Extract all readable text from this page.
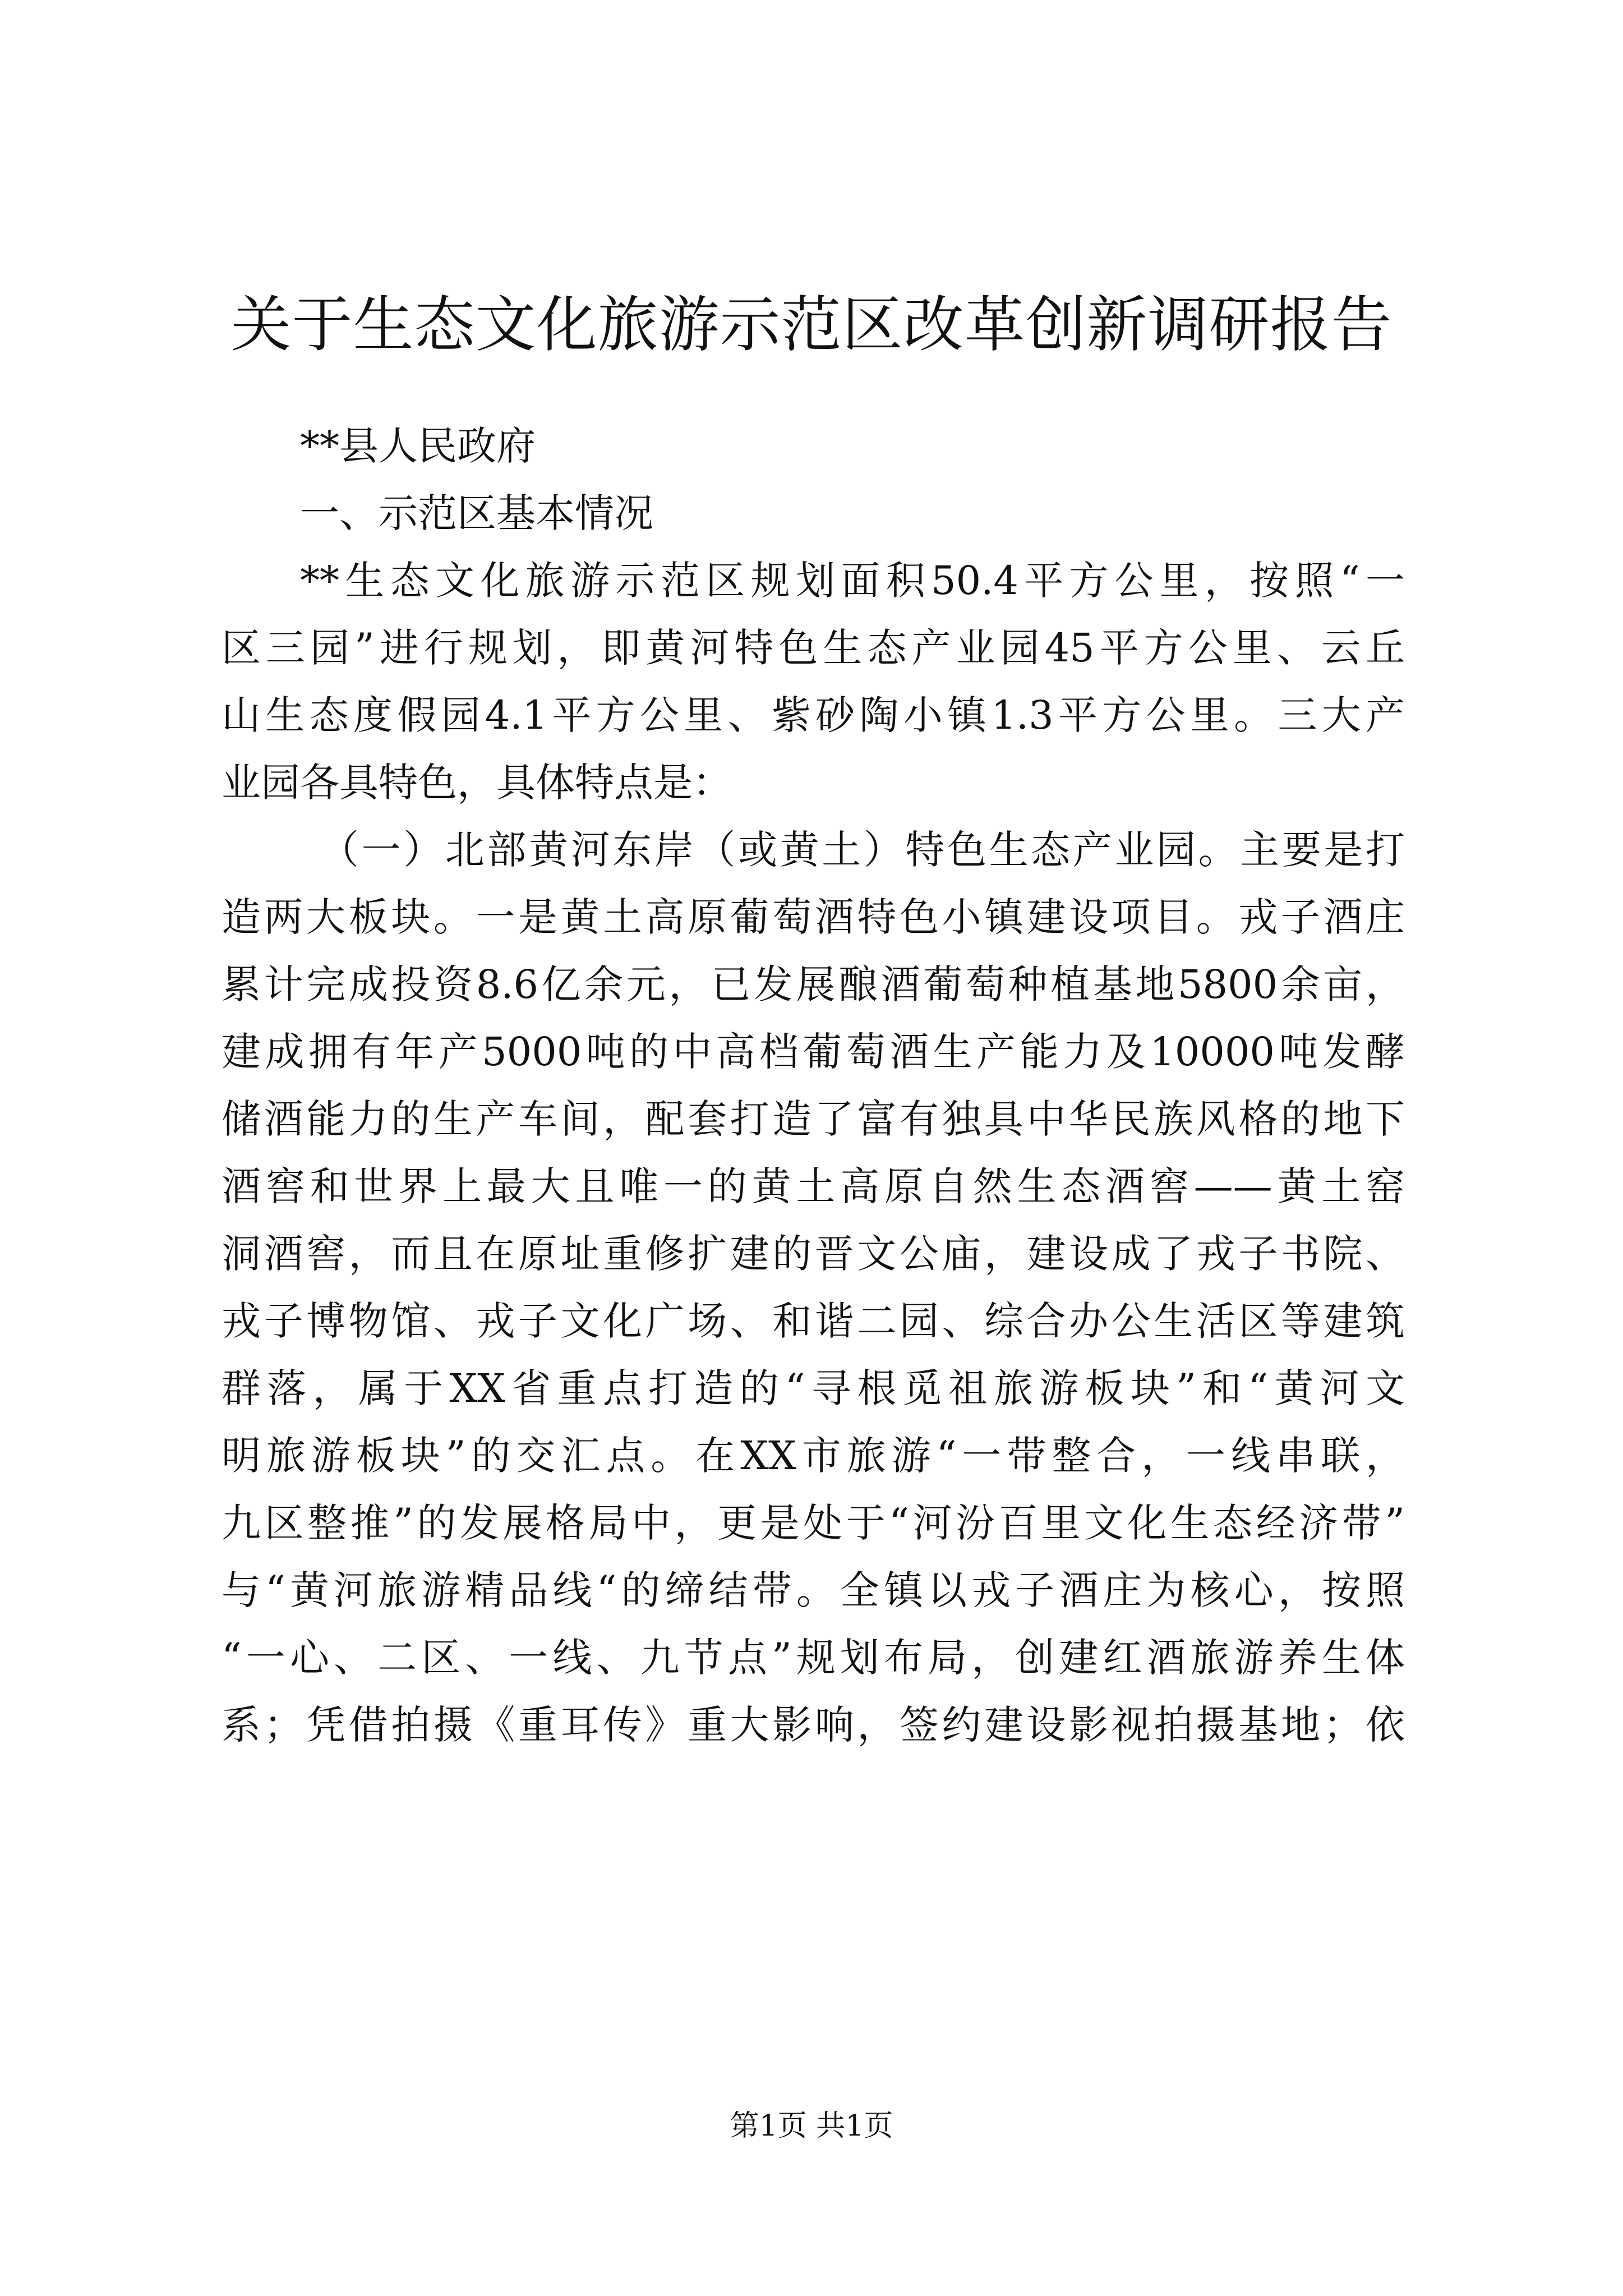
关于生态文化旅游示范区改革创新调研报告
**县人民政府
一、示范区基本情况
**生态文化旅游示范区规划面积50.4平方公里，按照“一
区三园”进行规划，即黄河特色生态产业园45平方公里、云丘
山生态度假园4.1平方公里、紫砂陶小镇1.3平方公里。三大产
业园各具特色，具体特点是：
（一）北部黄河东岸（或黄土）特色生态产业园。主要是打
造两大板块。一是黄土高原葡萄酒特色小镇建设项目。戎子酒庄
累计完成投资8.6亿余元，已发展酿酒葡萄种植基地5800余亩，
建成拥有年产5000吨的中高档葡萄酒生产能力及10000吨发酵
储酒能力的生产车间，配套打造了富有独具中华民族风格的地下
酒窖和世界上最大且唯一的黄土高原自然生态酒窖——黄土窑
洞酒窖，而且在原址重修扩建的晋文公庙，建设成了戎子书院、
戎子博物馆、戎子文化广场、和谐二园、综合办公生活区等建筑
群落，属于XX省重点打造的“寻根觅祖旅游板块”和“黄河文
明旅游板块”的交汇点。在XX市旅游“一带整合，一线串联，
九区整推”的发展格局中，更是处于“河汾百里文化生态经济带”
与“黄河旅游精品线“的缔结带。全镇以戎子酒庄为核心，按照
“一心、二区、一线、九节点”规划布局，创建红酒旅游养生体
系；凭借拍摄《重耳传》重大影响，签约建设影视拍摄基地；依
第1页 共1页
